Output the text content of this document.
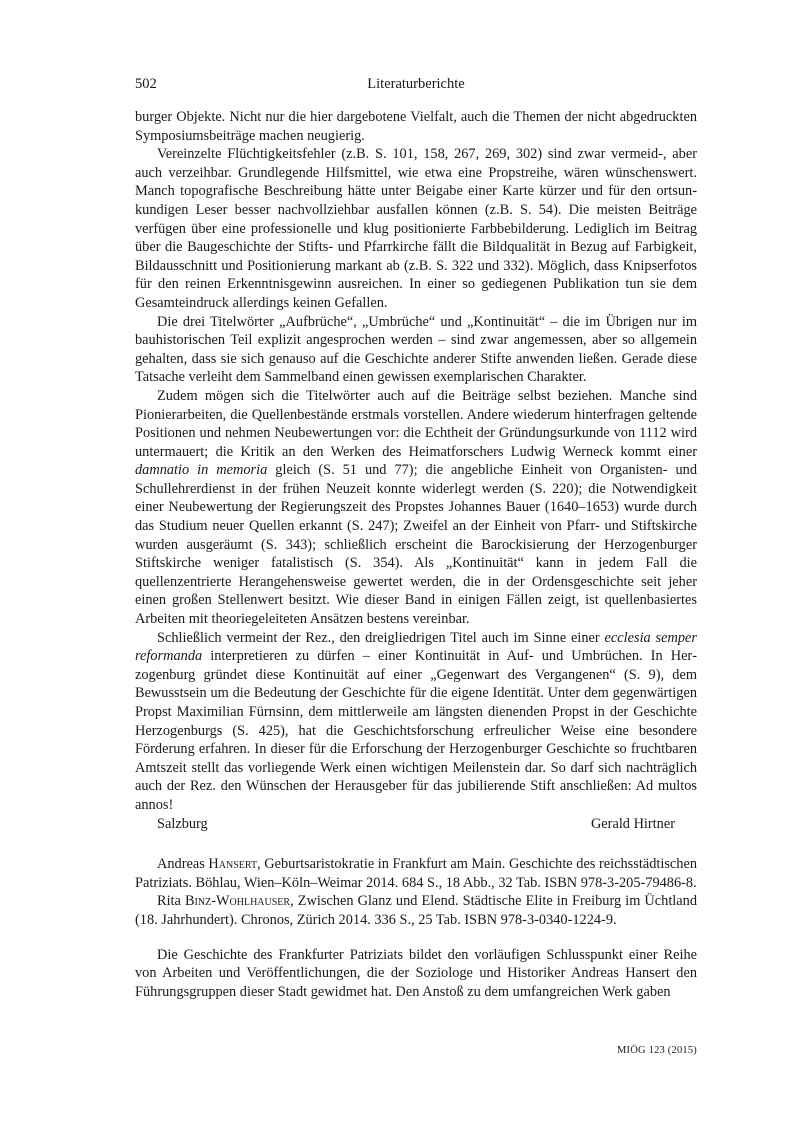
502	Literaturberichte

burger Objekte. Nicht nur die hier dargebotene Vielfalt, auch die Themen der nicht abgedruckten Symposiumsbeiträge machen neugierig.

Vereinzelte Flüchtigkeitsfehler (z.B. S. 101, 158, 267, 269, 302) sind zwar vermeid-, aber auch verzeihbar. Grundlegende Hilfsmittel, wie etwa eine Propstreihe, wären wünschenswert. Manch topografische Beschreibung hätte unter Beigabe einer Karte kürzer und für den ortsunkundigen Leser besser nachvollziehbar ausfallen können (z.B. S. 54). Die meisten Beiträge verfügen über eine professionelle und klug positionierte Farbbebilderung. Lediglich im Beitrag über die Baugeschichte der Stifts- und Pfarrkirche fällt die Bildqualität in Bezug auf Farbigkeit, Bildausschnitt und Positionierung markant ab (z.B. S. 322 und 332). Möglich, dass Knipserfotos für den reinen Erkenntnisgewinn ausreichen. In einer so gediegenen Publikation tun sie dem Gesamteindruck allerdings keinen Gefallen.

Die drei Titelwörter „Aufbrüche“, „Umbrüche“ und „Kontinuität“ – die im Übrigen nur im bauhistorischen Teil explizit angesprochen werden – sind zwar angemessen, aber so allgemein gehalten, dass sie sich genauso auf die Geschichte anderer Stifte anwenden ließen. Gerade diese Tatsache verleiht dem Sammelband einen gewissen exemplarischen Charakter.

Zudem mögen sich die Titelwörter auch auf die Beiträge selbst beziehen. Manche sind Pionierarbeiten, die Quellenbestände erstmals vorstellen. Andere wiederum hinterfragen geltende Positionen und nehmen Neubewertungen vor: die Echtheit der Gründungsurkunde von 1112 wird untermauert; die Kritik an den Werken des Heimatforschers Ludwig Werneck kommt einer damnatio in memoria gleich (S. 51 und 77); die angebliche Einheit von Organisten- und Schullehrerdienst in der frühen Neuzeit konnte widerlegt werden (S. 220); die Notwendigkeit einer Neubewertung der Regierungszeit des Propstes Johannes Bauer (1640–1653) wurde durch das Studium neuer Quellen erkannt (S. 247); Zweifel an der Einheit von Pfarr- und Stiftskirche wurden ausgeräumt (S. 343); schließlich erscheint die Barockisierung der Herzogenburger Stiftskirche weniger fatalistisch (S. 354). Als „Kontinuität“ kann in jedem Fall die quellenzentrierte Herangehensweise gewertet werden, die in der Ordensgeschichte seit jeher einen großen Stellenwert besitzt. Wie dieser Band in einigen Fällen zeigt, ist quellenbasiertes Arbeiten mit theoriegeleiteten Ansätzen bestens vereinbar.

Schließlich vermeint der Rez., den dreigliedrigen Titel auch im Sinne einer ecclesia semper reformanda interpretieren zu dürfen – einer Kontinuität in Auf- und Umbrüchen. In Herzogenburg gründet diese Kontinuität auf einer „Gegenwart des Vergangenen“ (S. 9), dem Bewusstsein um die Bedeutung der Geschichte für die eigene Identität. Unter dem gegenwärtigen Propst Maximilian Fürnsinn, dem mittlerweile am längsten dienenden Propst in der Geschichte Herzogenburgs (S. 425), hat die Geschichtsforschung erfreulicher Weise eine besondere Förderung erfahren. In dieser für die Erforschung der Herzogenburger Geschichte so fruchtbaren Amtszeit stellt das vorliegende Werk einen wichtigen Meilenstein dar. So darf sich nachträglich auch der Rez. den Wünschen der Herausgeber für das jubilierende Stift anschließen: Ad multos annos!

Salzburg	Gerald Hirtner

Andreas Hansert, Geburtsaristokratie in Frankfurt am Main. Geschichte des reichsstädtischen Patriziats. Böhlau, Wien–Köln–Weimar 2014. 684 S., 18 Abb., 32 Tab. ISBN 978-3-205-79486-8.

Rita Binz-Wohlhauser, Zwischen Glanz und Elend. Städtische Elite in Freiburg im Üchtland (18. Jahrhundert). Chronos, Zürich 2014. 336 S., 25 Tab. ISBN 978-3-0340-1224-9.

Die Geschichte des Frankfurter Patriziats bildet den vorläufigen Schlusspunkt einer Reihe von Arbeiten und Veröffentlichungen, die der Soziologe und Historiker Andreas Hansert den Führungsgruppen dieser Stadt gewidmet hat. Den Anstoß zu dem umfangreichen Werk gaben

MIÖG 123 (2015)
